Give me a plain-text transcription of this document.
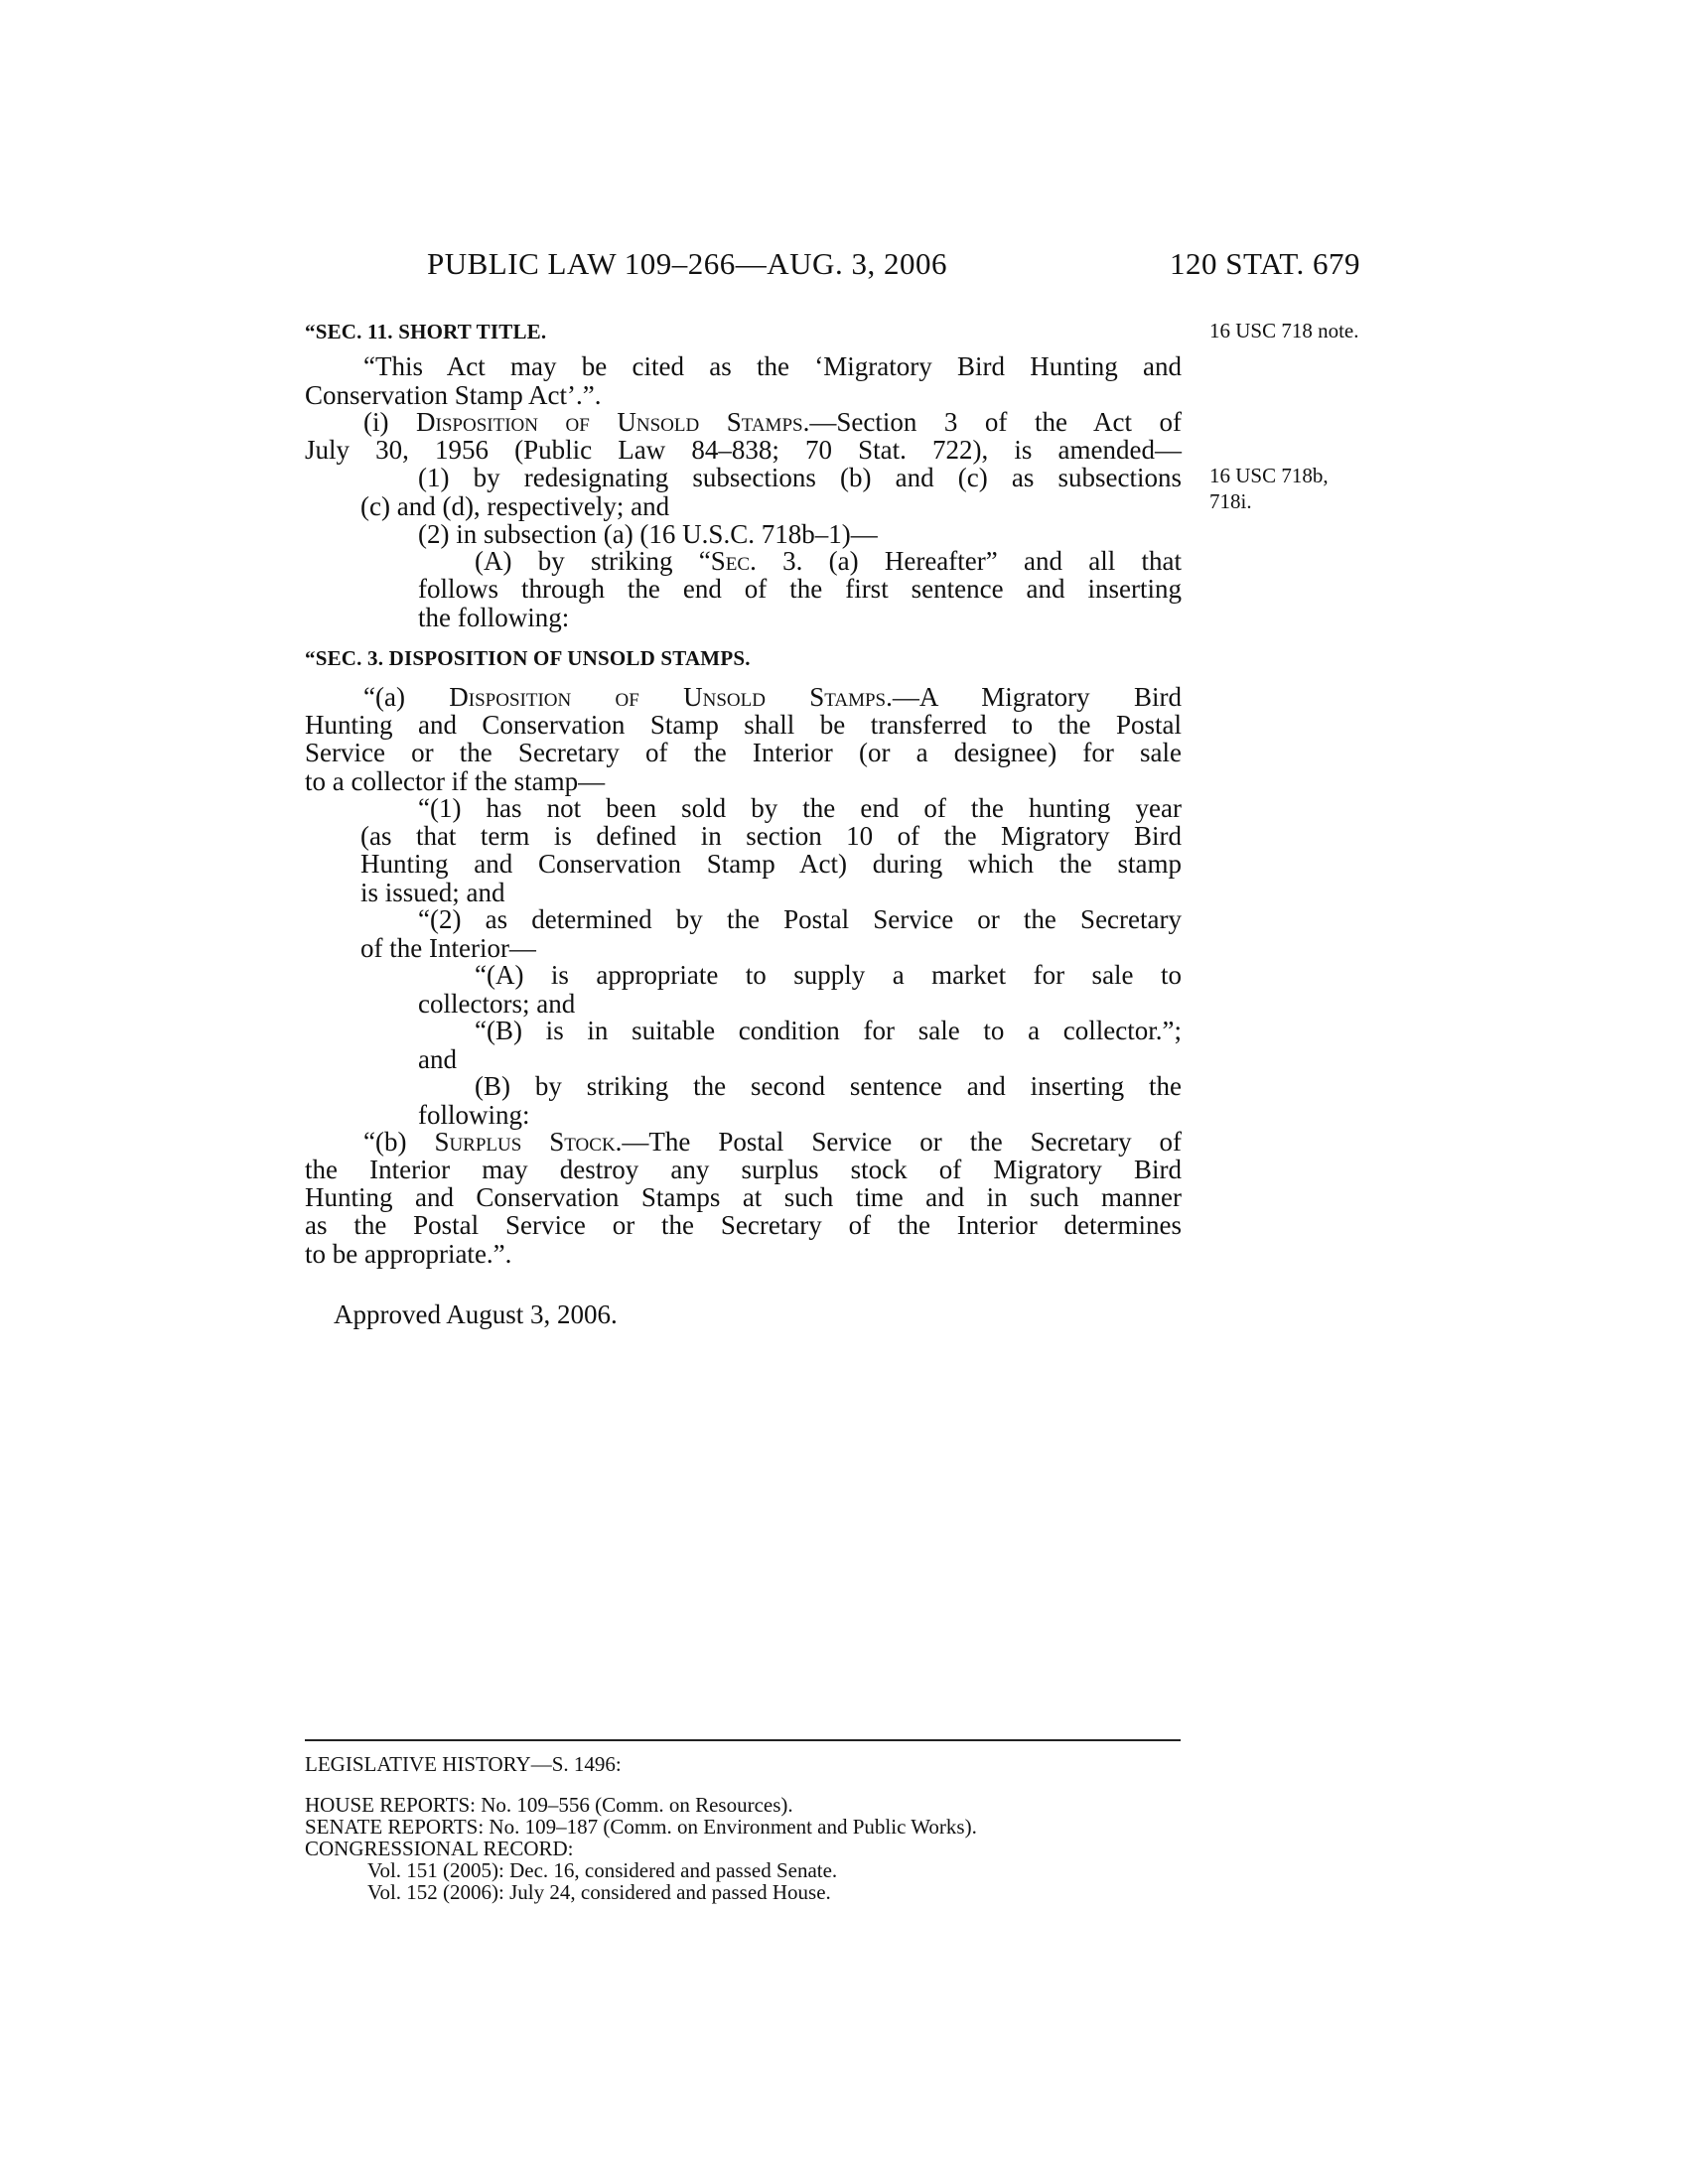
PUBLIC LAW 109–266—AUG. 3, 2006	120 STAT. 679
16 USC 718 note.
16 USC 718b,
718i.
“SEC. 11. SHORT TITLE.
“This Act may be cited as the ‘Migratory Bird Hunting and
Conservation Stamp Act’.”.
(i) Disposition of Unsold Stamps.—Section 3 of the Act of
July 30, 1956 (Public Law 84–838; 70 Stat. 722), is amended—
(1) by redesignating subsections (b) and (c) as subsections
(c) and (d), respectively; and
(2) in subsection (a) (16 U.S.C. 718b–1)—
(A) by striking “Sec. 3. (a) Hereafter” and all that
follows through the end of the first sentence and inserting
the following:
“SEC. 3. DISPOSITION OF UNSOLD STAMPS.
“(a) Disposition of Unsold Stamps.—A Migratory Bird
Hunting and Conservation Stamp shall be transferred to the Postal
Service or the Secretary of the Interior (or a designee) for sale
to a collector if the stamp—
“(1) has not been sold by the end of the hunting year
(as that term is defined in section 10 of the Migratory Bird
Hunting and Conservation Stamp Act) during which the stamp
is issued; and
“(2) as determined by the Postal Service or the Secretary
of the Interior—
“(A) is appropriate to supply a market for sale to
collectors; and
“(B) is in suitable condition for sale to a collector.”;
and
(B) by striking the second sentence and inserting the
following:
“(b) Surplus Stock.—The Postal Service or the Secretary of
the Interior may destroy any surplus stock of Migratory Bird
Hunting and Conservation Stamps at such time and in such manner
as the Postal Service or the Secretary of the Interior determines
to be appropriate.”.
Approved August 3, 2006.
LEGISLATIVE HISTORY—S. 1496:
HOUSE REPORTS: No. 109–556 (Comm. on Resources).
SENATE REPORTS: No. 109–187 (Comm. on Environment and Public Works).
CONGRESSIONAL RECORD:
Vol. 151 (2005): Dec. 16, considered and passed Senate.
Vol. 152 (2006): July 24, considered and passed House.
